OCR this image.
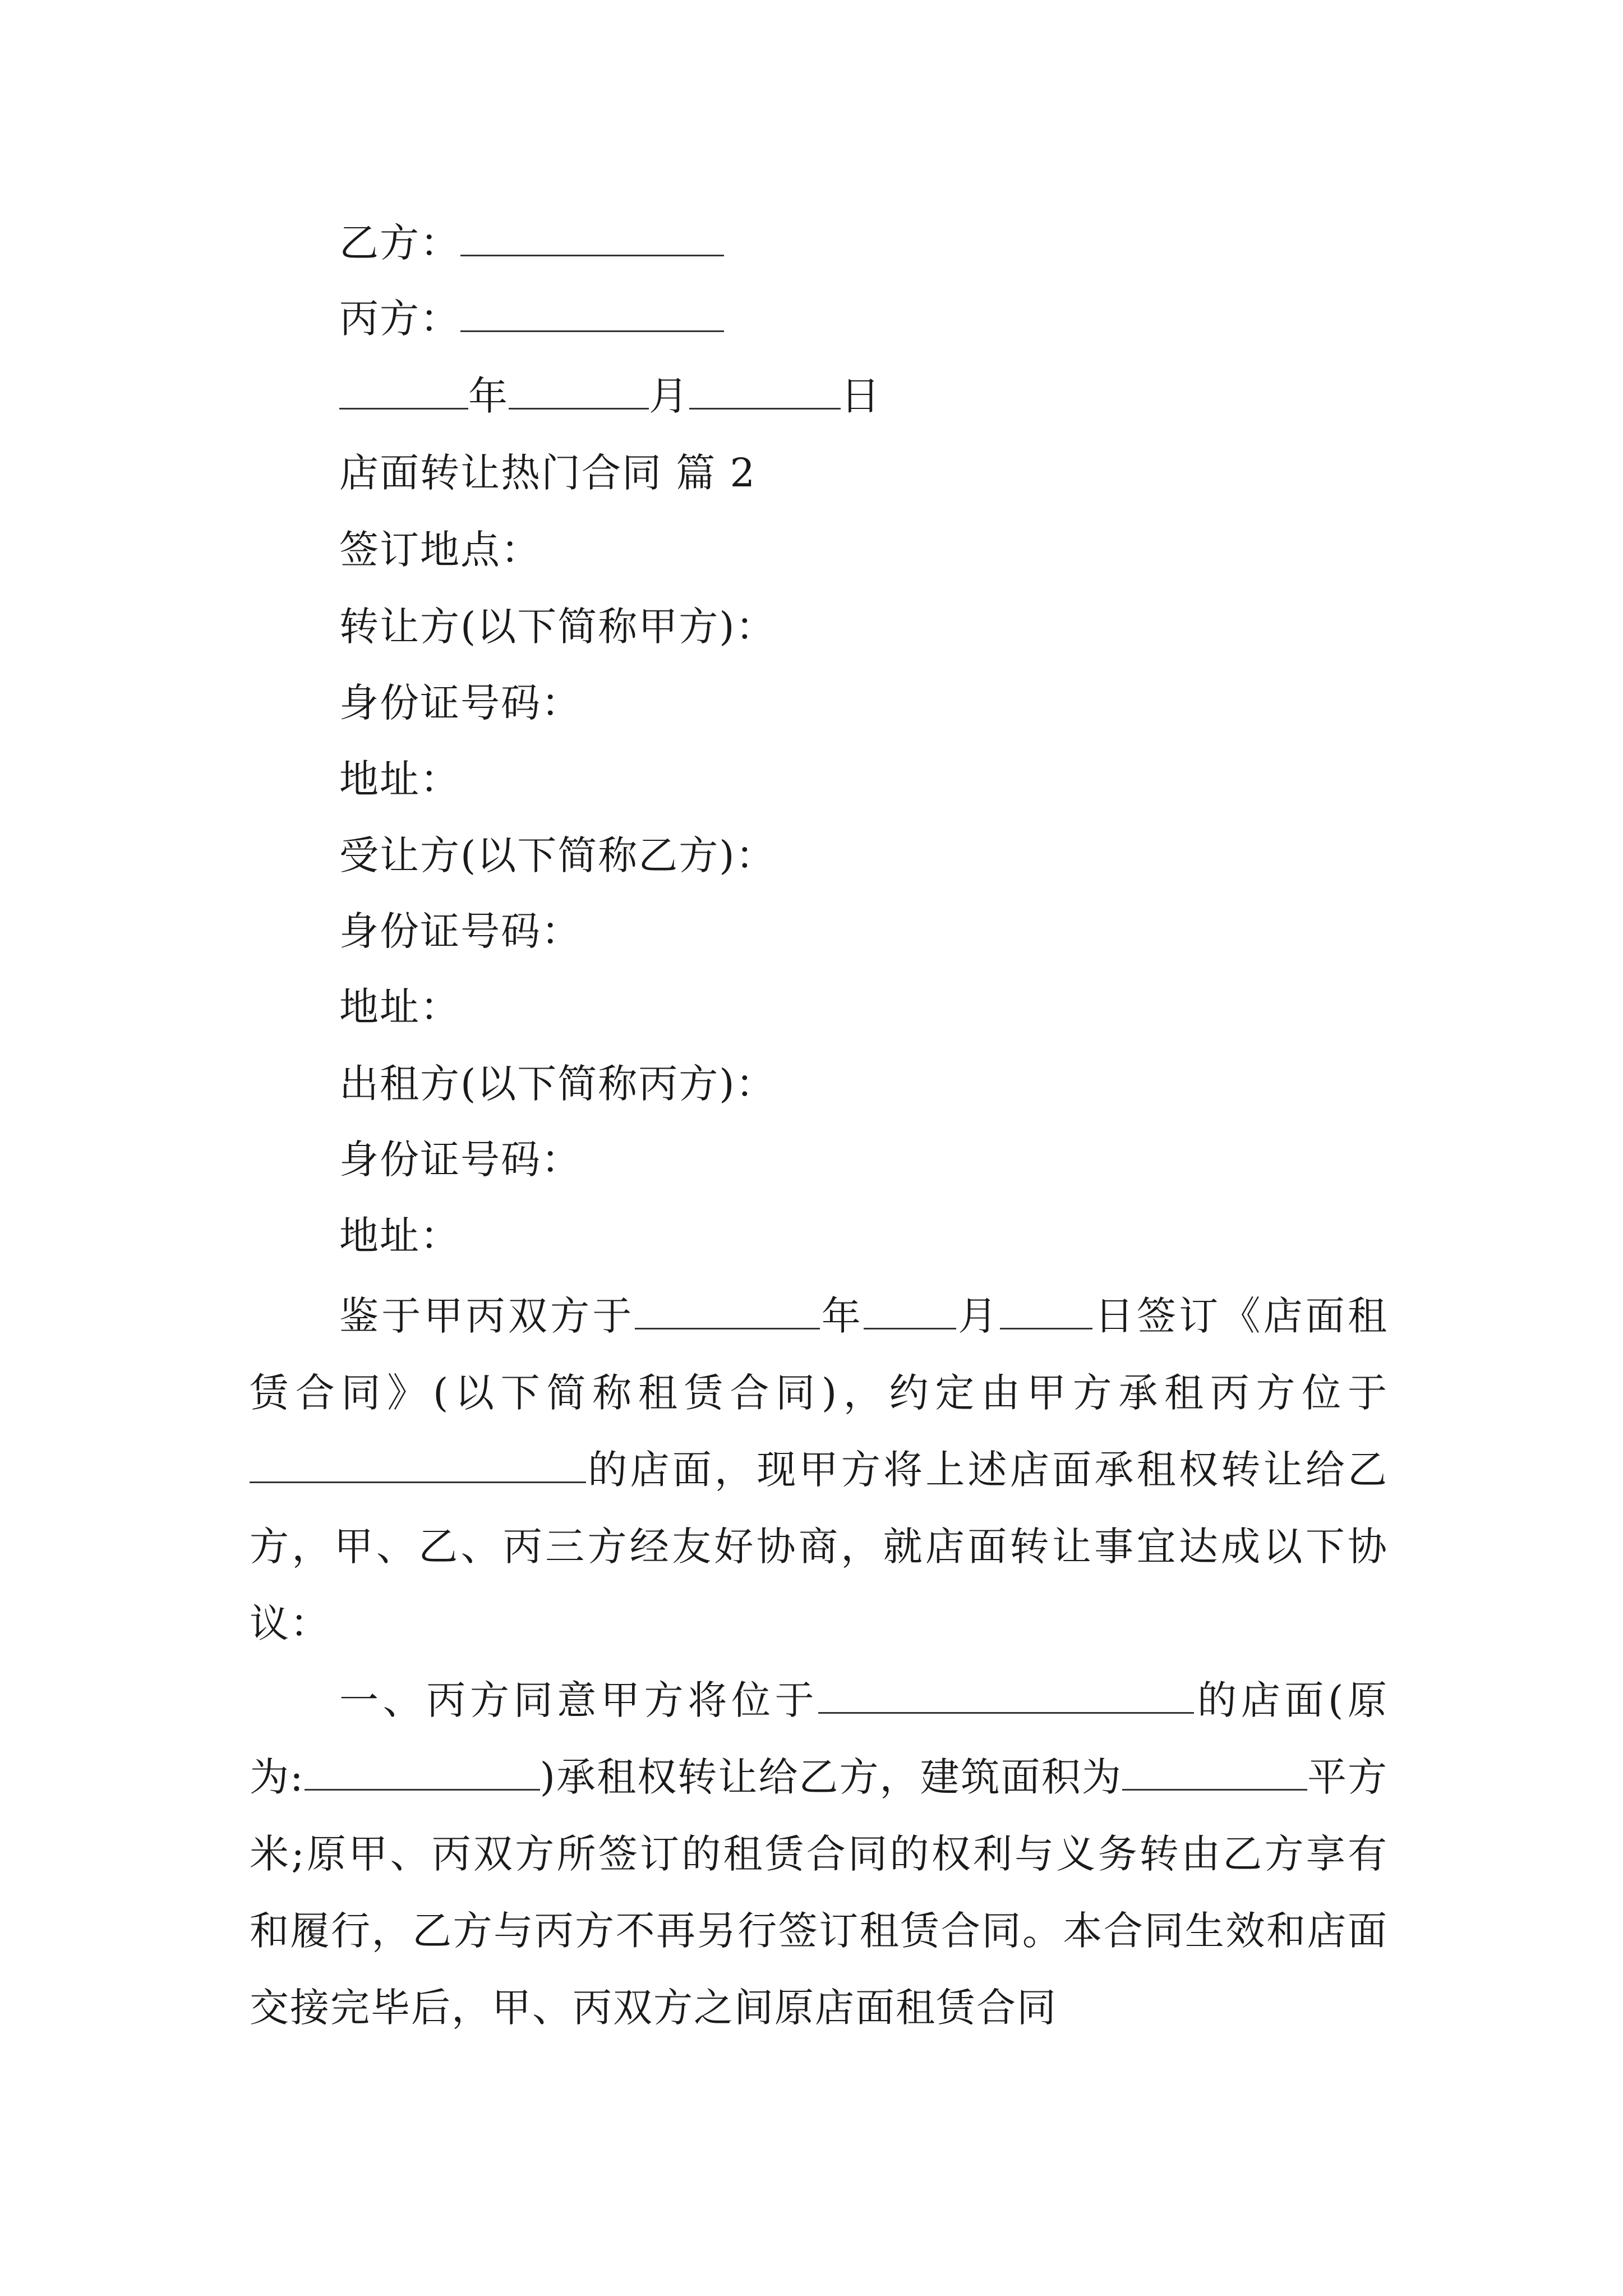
乙方：
丙方：
年	月	日
店面转让热门合同 篇 2
签订地点：
转让方(以下简称甲方)：
身份证号码：
地址：
受让方(以下简称乙方)：
身份证号码：
地址：
出租方(以下简称丙方)：
身份证号码：
地址：
鉴于甲丙双方于	年 月 日签订《店面租赁合同》(以下简称租赁合同)，约定由甲方承租丙方位于的店面，现甲方将上述店面承租权转让给乙方，甲、乙、丙三方经友好协商，就店面转让事宜达成以下协议：
一、丙方同意甲方将位于	的店面(原为:	)承租权转让给乙方，建筑面积为	平方米;原甲、丙双方所签订的租赁合同的权利与义务转由乙方享有和履行，乙方与丙方不再另行签订租赁合同。本合同生效和店面交接完毕后，甲、丙双方之间原店面租赁合同
